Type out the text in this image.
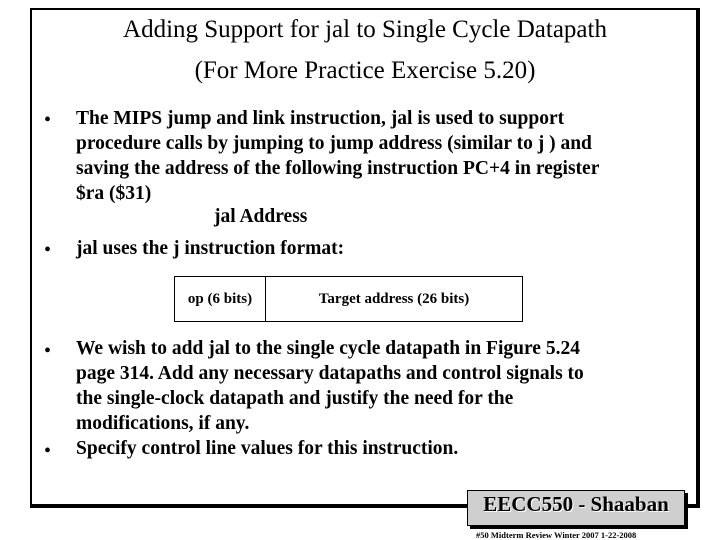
Adding Support for jal to Single Cycle Datapath
(For More Practice Exercise 5.20)
• The MIPS jump and link instruction, jal is used to support
procedure calls by jumping to jump address (similar to j ) and
saving the address of the following instruction PC+4 in register
$ra ($31)
jal Address
• jal uses the j instruction format:
op (6 bits)	Target address (26 bits)
• We wish to add jal to the single cycle datapath in Figure 5.24
page 314. Add any necessary datapaths and control signals to
the single-clock datapath and justify the need for the
modifications, if any.
• Specify control line values for this instruction.
EECC550 - Shaaban
#50 Midterm Review Winter 2007 1-22-2008
